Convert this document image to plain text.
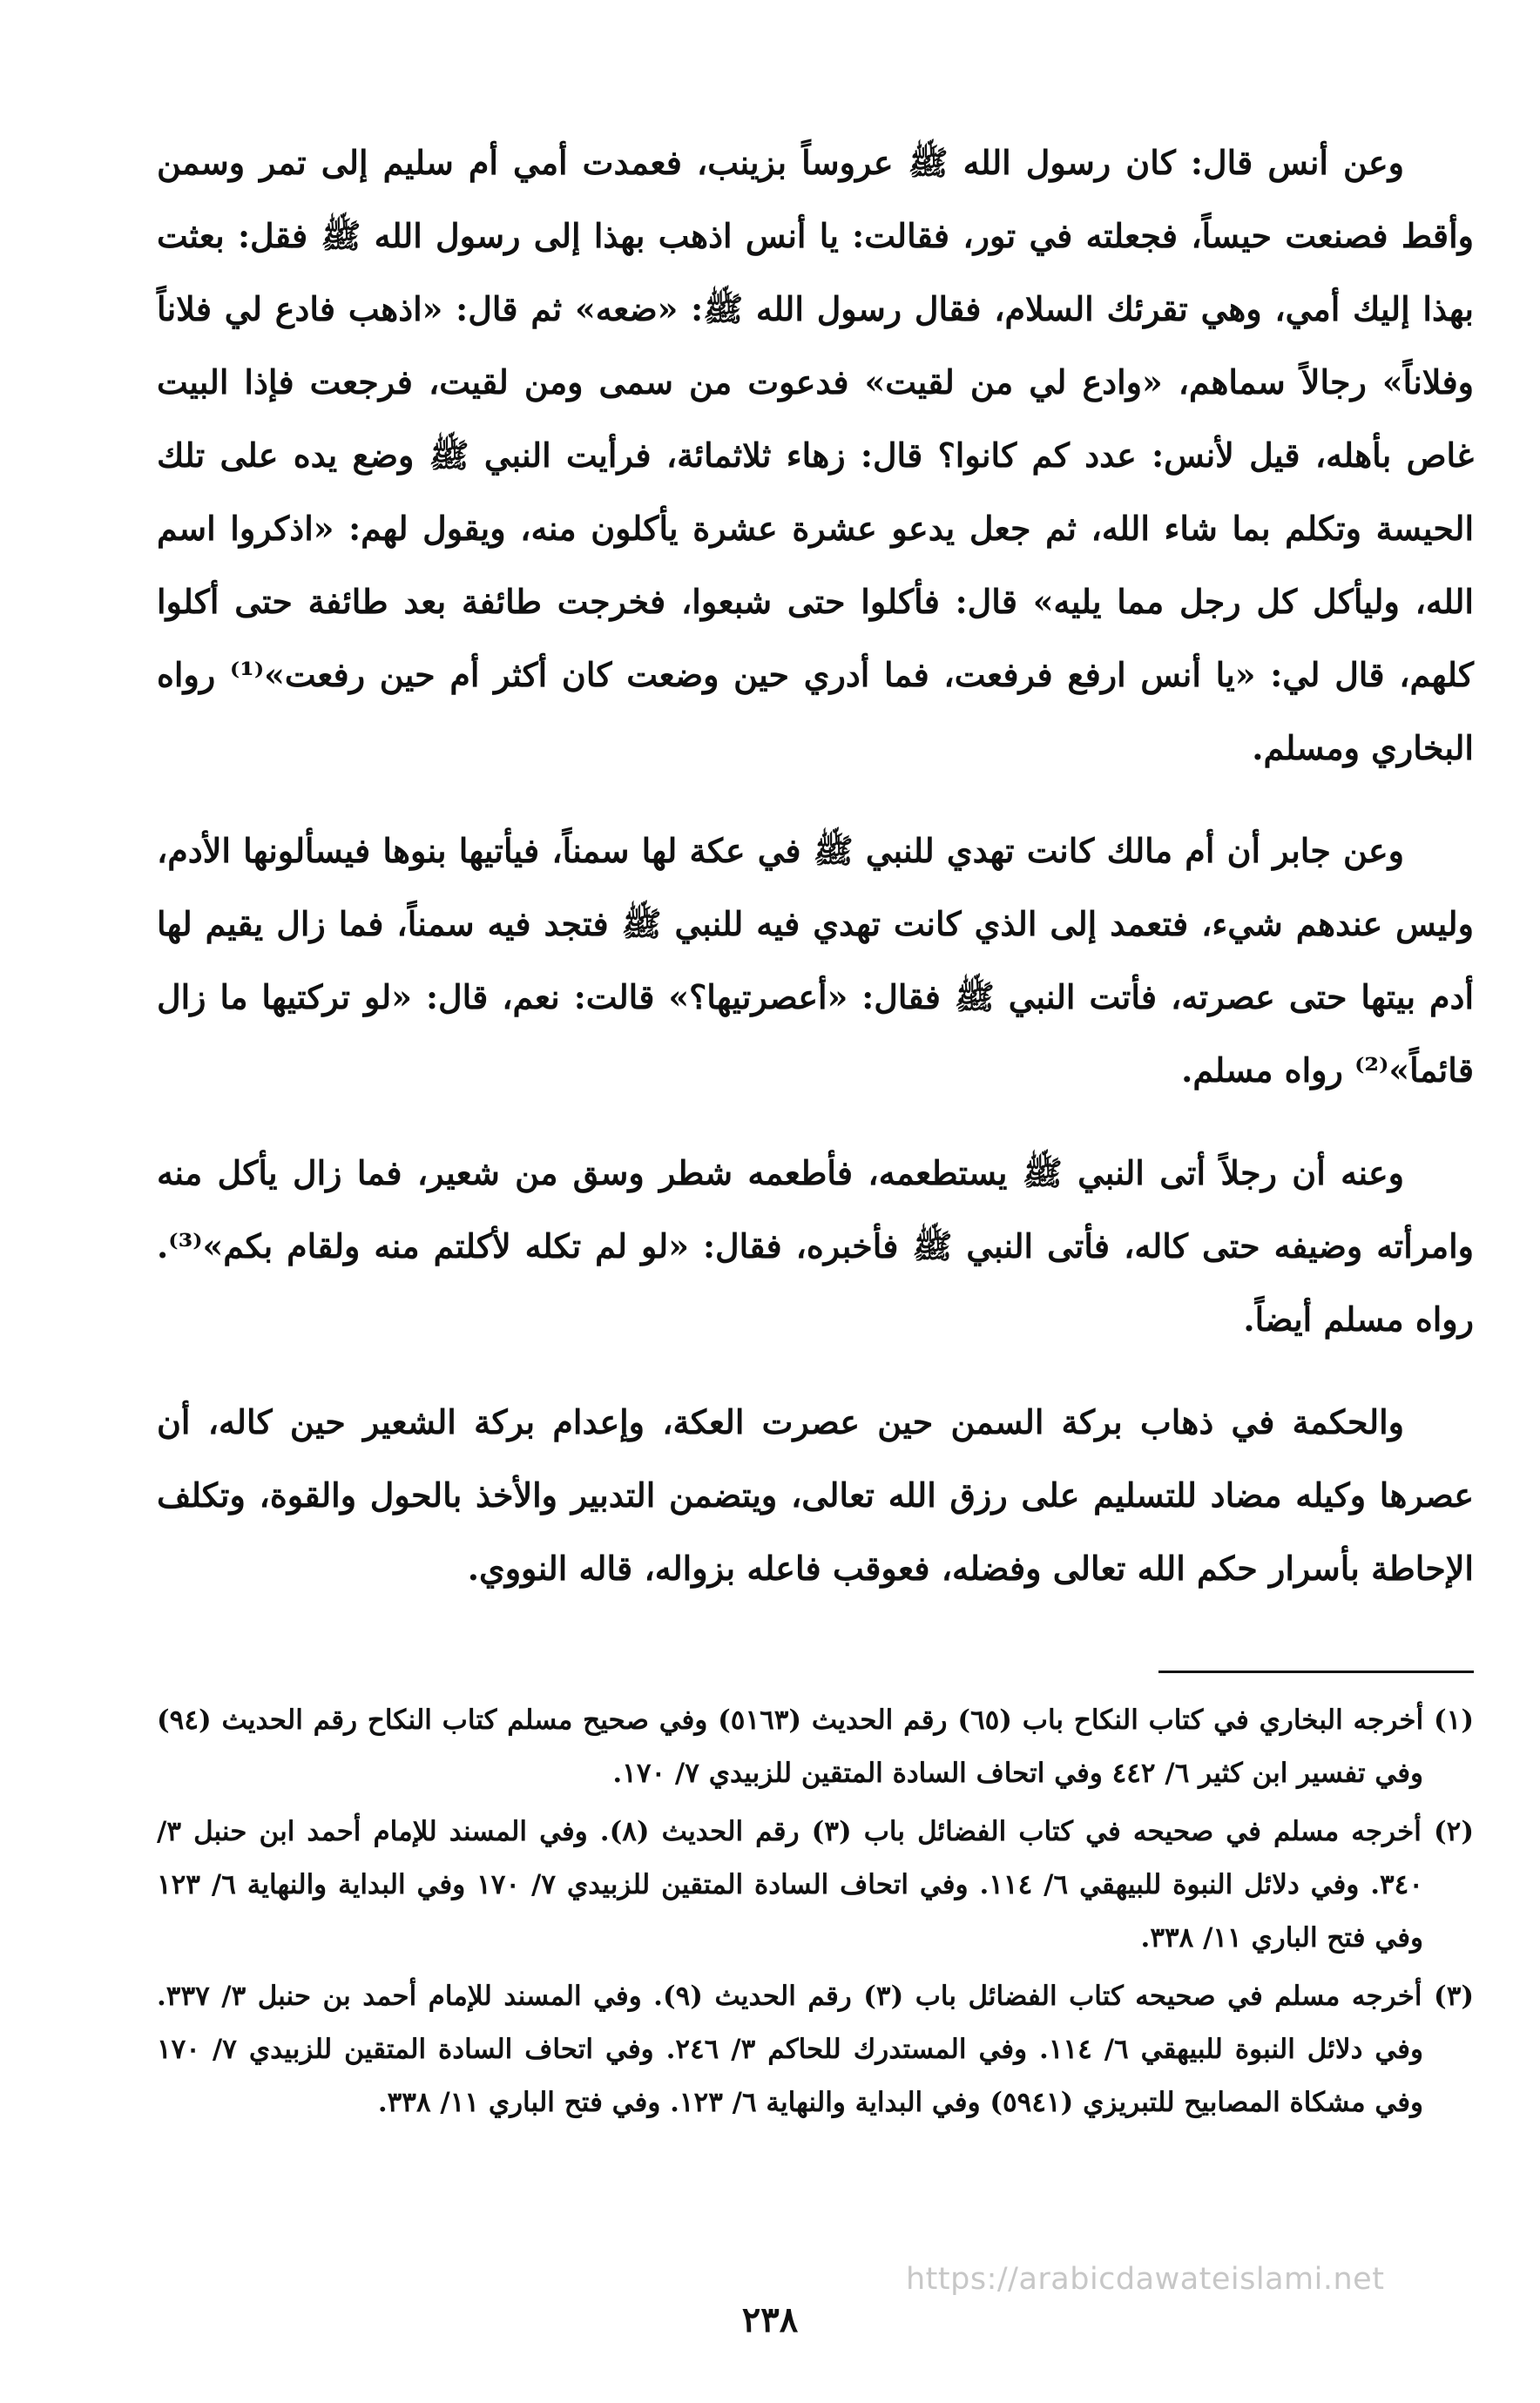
وعن أنس قال: كان رسول الله ﷺ عروساً بزينب، فعمدت أمي أم سليم إلى تمر وسمن وأقط فصنعت حيساً، فجعلته في تور، فقالت: يا أنس اذهب بهذا إلى رسول الله ﷺ فقل: بعثت بهذا إليك أمي، وهي تقرئك السلام، فقال رسول الله ﷺ: «ضعه» ثم قال: «اذهب فادع لي فلاناً وفلاناً» رجالاً سماهم، «وادع لي من لقيت» فدعوت من سمى ومن لقيت، فرجعت فإذا البيت غاص بأهله، قيل لأنس: عدد كم كانوا؟ قال: زهاء ثلاثمائة، فرأيت النبي ﷺ وضع يده على تلك الحيسة وتكلم بما شاء الله، ثم جعل يدعو عشرة عشرة يأكلون منه، ويقول لهم: «اذكروا اسم الله، وليأكل كل رجل مما يليه» قال: فأكلوا حتى شبعوا، فخرجت طائفة بعد طائفة حتى أكلوا كلهم، قال لي: «يا أنس ارفع فرفعت، فما أدري حين وضعت كان أكثر أم حين رفعت»⁽¹⁾ رواه البخاري ومسلم.

وعن جابر أن أم مالك كانت تهدي للنبي ﷺ في عكة لها سمناً، فيأتيها بنوها فيسألونها الأدم، وليس عندهم شيء، فتعمد إلى الذي كانت تهدي فيه للنبي ﷺ فتجد فيه سمناً، فما زال يقيم لها أدم بيتها حتى عصرته، فأتت النبي ﷺ فقال: «أعصرتيها؟» قالت: نعم، قال: «لو تركتيها ما زال قائماً»⁽²⁾ رواه مسلم.

وعنه أن رجلاً أتى النبي ﷺ يستطعمه، فأطعمه شطر وسق من شعير، فما زال يأكل منه وامرأته وضيفه حتى كاله، فأتى النبي ﷺ فأخبره، فقال: «لو لم تكله لأكلتم منه ولقام بكم»⁽³⁾. رواه مسلم أيضاً.

والحكمة في ذهاب بركة السمن حين عصرت العكة، وإعدام بركة الشعير حين كاله، أن عصرها وكيله مضاد للتسليم على رزق الله تعالى، ويتضمن التدبير والأخذ بالحول والقوة، وتكلف الإحاطة بأسرار حكم الله تعالى وفضله، فعوقب فاعله بزواله، قاله النووي.

(١) أخرجه البخاري في كتاب النكاح باب (٦٥) رقم الحديث (٥١٦٣) وفي صحيح مسلم كتاب النكاح رقم الحديث (٩٤) وفي تفسير ابن كثير ٦/ ٤٤٢ وفي اتحاف السادة المتقين للزبيدي ٧/ ١٧٠.

(٢) أخرجه مسلم في صحيحه في كتاب الفضائل باب (٣) رقم الحديث (٨). وفي المسند للإمام أحمد ابن حنبل ٣/ ٣٤٠. وفي دلائل النبوة للبيهقي ٦/ ١١٤. وفي اتحاف السادة المتقين للزبيدي ٧/ ١٧٠ وفي البداية والنهاية ٦/ ١٢٣ وفي فتح الباري ١١/ ٣٣٨.

(٣) أخرجه مسلم في صحيحه كتاب الفضائل باب (٣) رقم الحديث (٩). وفي المسند للإمام أحمد بن حنبل ٣/ ٣٣٧. وفي دلائل النبوة للبيهقي ٦/ ١١٤. وفي المستدرك للحاكم ٣/ ٢٤٦. وفي اتحاف السادة المتقين للزبيدي ٧/ ١٧٠ وفي مشكاة المصابيح للتبريزي (٥٩٤١) وفي البداية والنهاية ٦/ ١٢٣. وفي فتح الباري ١١/ ٣٣٨.

https://arabicdawateislami.net
٢٣٨
